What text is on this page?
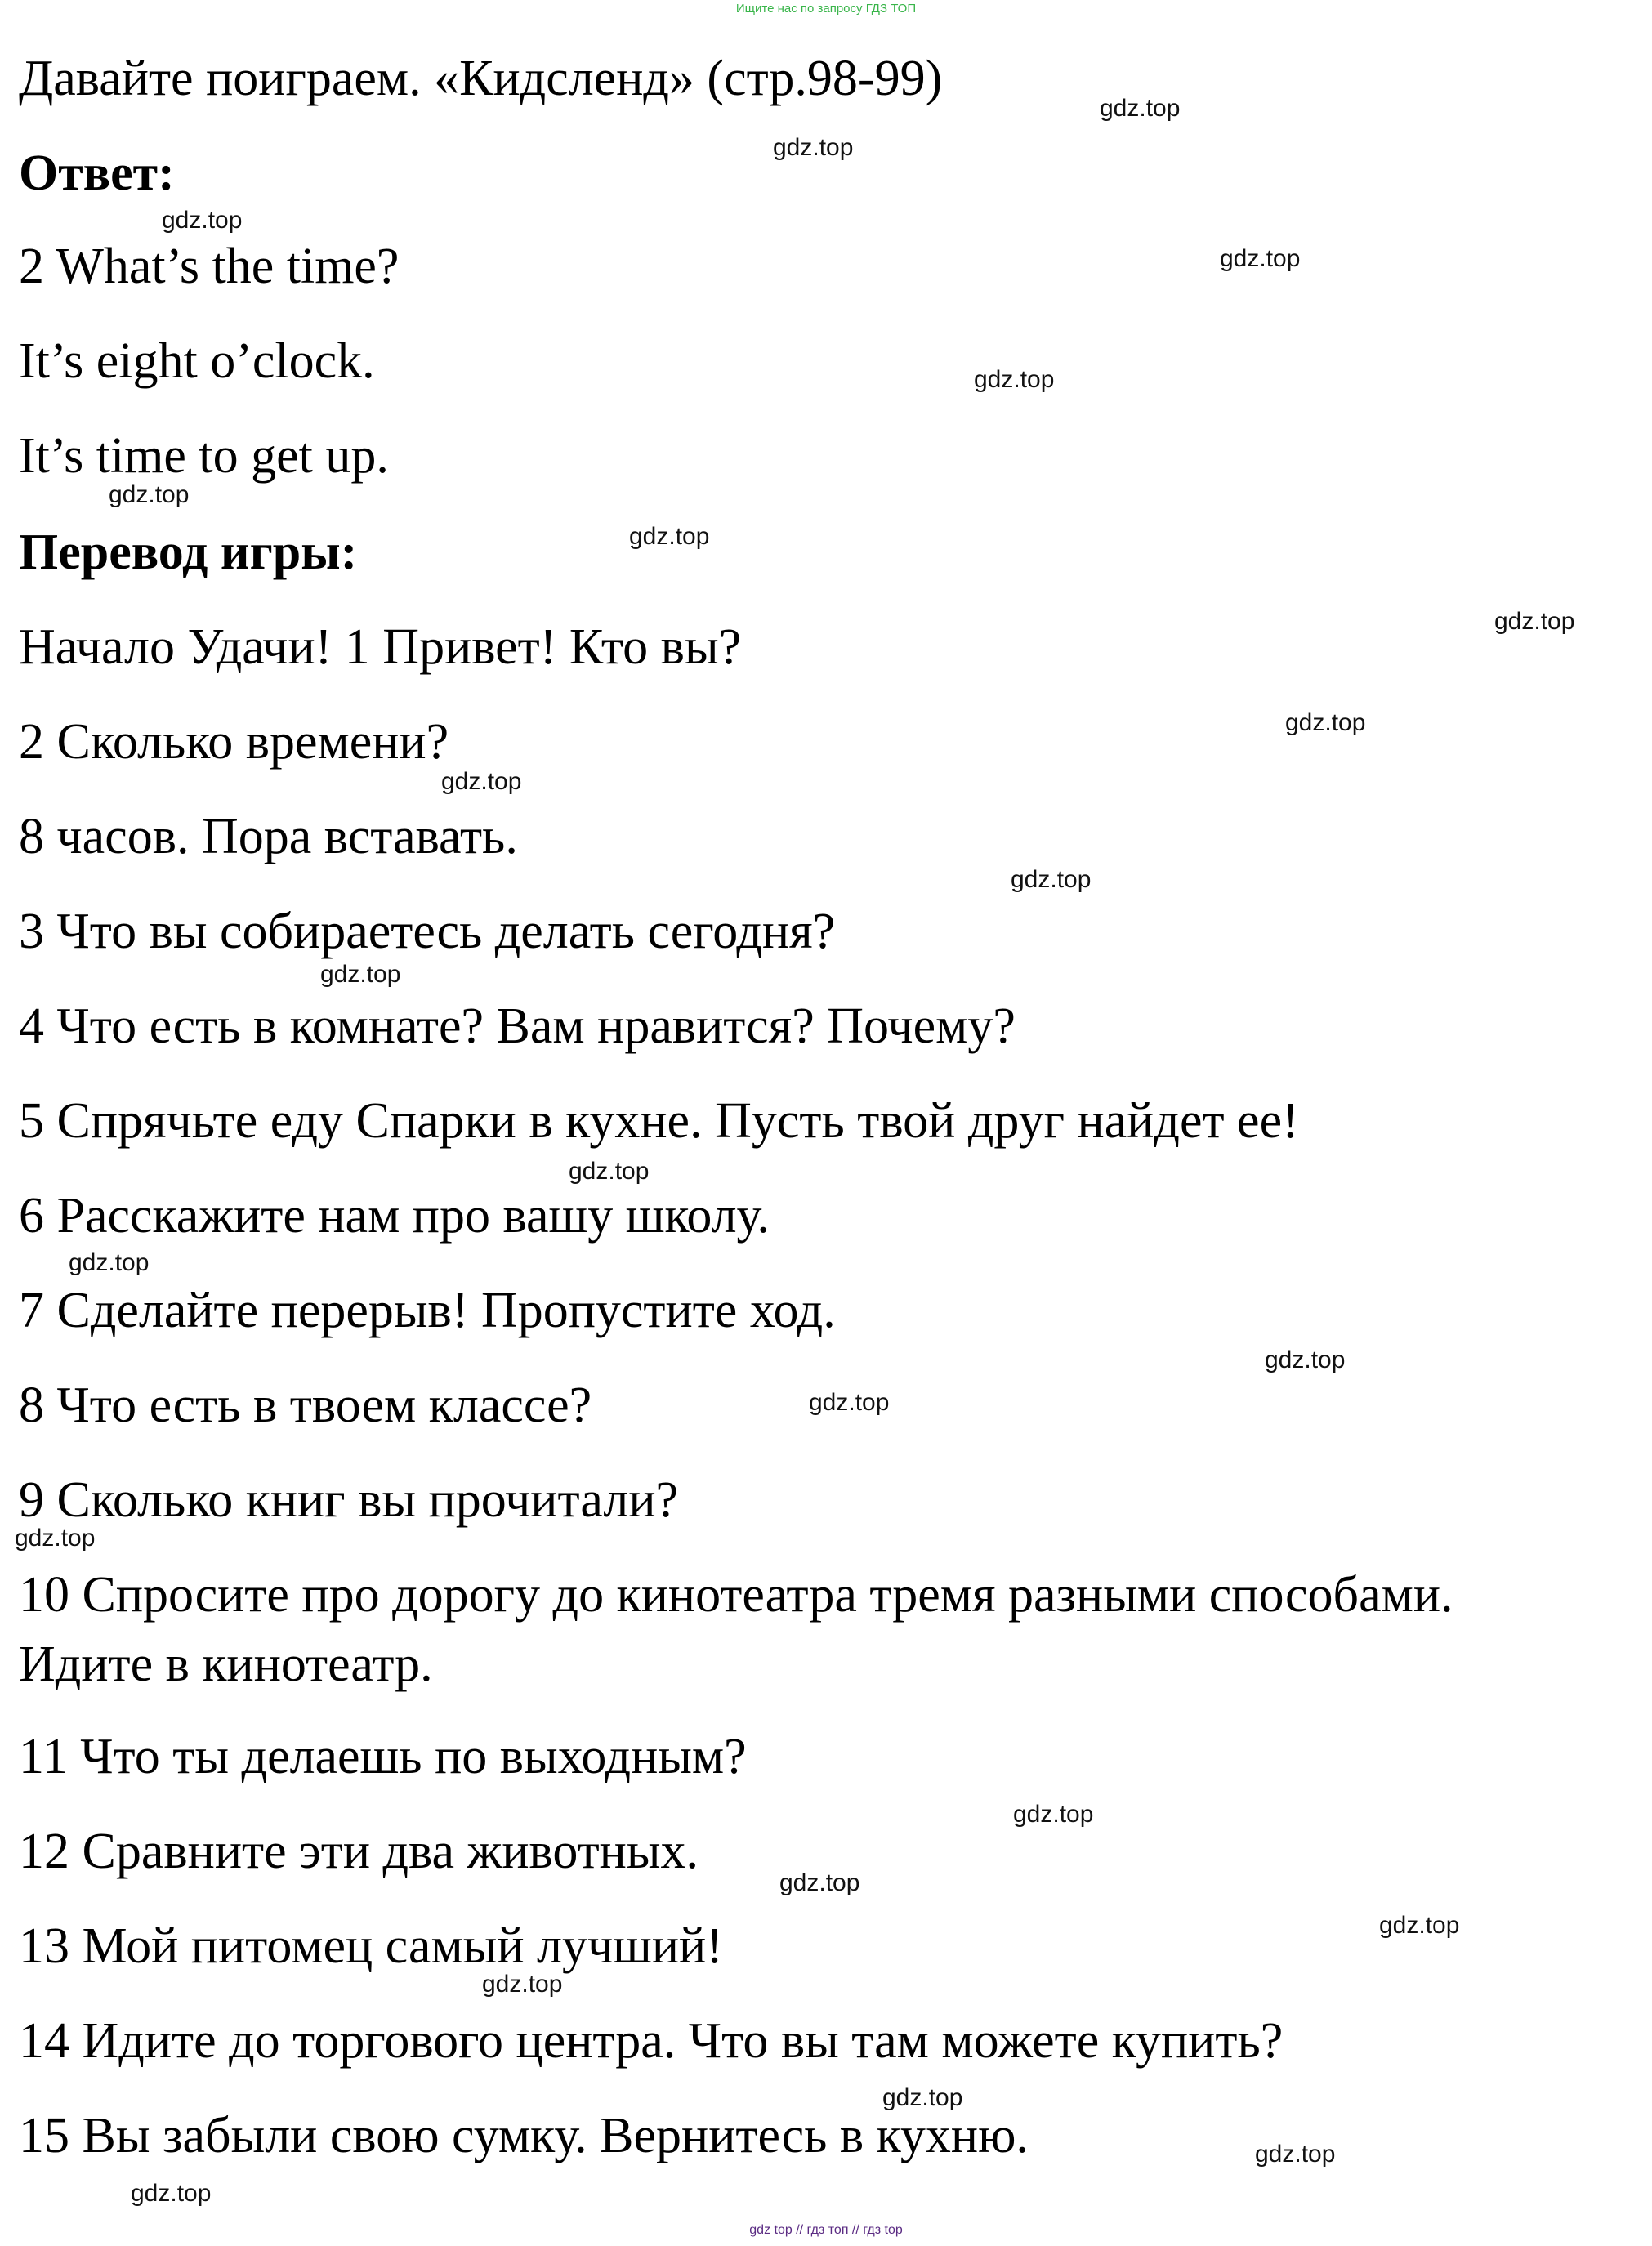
Ищите нас по запросу ГДЗ ТОП
Давайте поиграем. «Кидсленд» (стр.98-99)
Ответ:
2 What’s the time?
It’s eight o’clock.
It’s time to get up.
Перевод игры:
Начало Удачи! 1 Привет! Кто вы?
2 Сколько времени?
8 часов. Пора вставать.
3 Что вы собираетесь делать сегодня?
4 Что есть в комнате? Вам нравится? Почему?
5 Спрячьте еду Спарки в кухне. Пусть твой друг найдет ее!
6 Расскажите нам про вашу школу.
7 Сделайте перерыв! Пропустите ход.
8 Что есть в твоем классе?
9 Сколько книг вы прочитали?
10 Спросите про дорогу до кинотеатра тремя разными способами.
Идите в кинотеатр.
11 Что ты делаешь по выходным?
12 Сравните эти два животных.
13 Мой питомец самый лучший!
14 Идите до торгового центра. Что вы там можете купить?
15 Вы забыли свою сумку. Вернитесь в кухню.
gdz.top
gdz.top
gdz.top
gdz.top
gdz.top
gdz.top
gdz.top
gdz.top
gdz.top
gdz.top
gdz.top
gdz.top
gdz.top
gdz.top
gdz.top
gdz.top
gdz.top
gdz.top
gdz.top
gdz.top
gdz.top
gdz.top
gdz.top
gdz.top
gdz top // гдз топ // гдз top
